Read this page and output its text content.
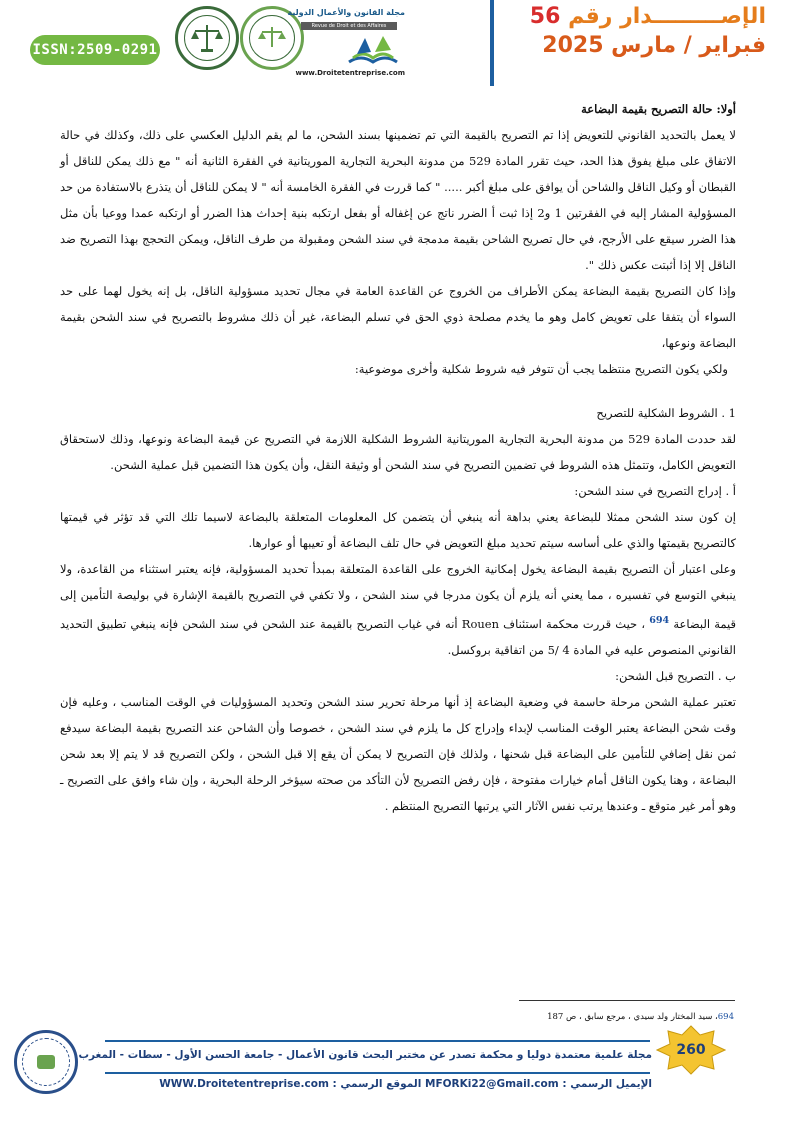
ISSN:2509-0291
مجلة القانون والأعمال الدولية
Revue de Droit et des Affaires
www.Droitetentreprise.com
الإصـــــــــدار رقم 56
فبراير / مارس 2025

أولا: حالة التصريح بقيمة البضاعة

لا يعمل بالتحديد القانوني للتعويض إذا تم التصريح بالقيمة التي تم تضمينها بسند الشحن، ما لم يقم الدليل العكسي على ذلك، وكذلك في حالة الاتفاق على مبلغ يفوق هذا الحد، حيث تقرر المادة 529 من مدونة البحرية التجارية الموريتانية في الفقرة الثانية أنه " مع ذلك يمكن للناقل أو القبطان أو وكيل الناقل والشاحن أن يوافق على مبلغ أكبر ..... " كما قررت في الفقرة الخامسة أنه " لا يمكن للناقل أن يتذرع بالاستفادة من حد المسؤولية المشار إليه في الفقرتين 1 و2 إذا ثبت أ الضرر ناتج عن إغفاله أو بفعل ارتكبه بنية إحداث هذا الضرر أو ارتكبه عمدا ووعيا بأن مثل هذا الضرر سيقع على الأرجح، في حال تصريح الشاحن بقيمة مدمجة في سند الشحن ومقبولة من طرف الناقل، ويمكن التحجج بهذا التصريح ضد الناقل إلا إذا أثبتت عكس ذلك ".

وإذا كان التصريح بقيمة البضاعة يمكن الأطراف من الخروج عن القاعدة العامة في مجال تحديد مسؤولية الناقل، بل إنه يخول لهما على حد السواء أن يتفقا على تعويض كامل وهو ما يخدم مصلحة ذوي الحق في تسلم البضاعة، غير أن ذلك مشروط بالتصريح في سند الشحن بقيمة البضاعة ونوعها،

ولكي يكون التصريح منتظما يجب أن تتوفر فيه شروط شكلية وأخرى موضوعية:

1 . الشروط الشكلية للتصريح

لقد حددت المادة 529 من مدونة البحرية التجارية الموريتانية الشروط الشكلية اللازمة في التصريح عن قيمة البضاعة ونوعها، وذلك لاستحقاق التعويض الكامل، وتتمثل هذه الشروط في تضمين التصريح في سند الشحن أو وثيقة النقل، وأن يكون هذا التضمين قبل عملية الشحن.

أ . إدراج التصريح في سند الشحن:

إن كون سند الشحن ممثلا للبضاعة يعني بداهة أنه ينبغي أن يتضمن كل المعلومات المتعلقة بالبضاعة لاسيما تلك التي قد تؤثر في قيمتها كالتصريح بقيمتها والذي على أساسه سيتم تحديد مبلغ التعويض في حال تلف البضاعة أو تعيبها أو عوارها.

وعلى اعتبار أن التصريح بقيمة البضاعة يخول إمكانية الخروج على القاعدة المتعلقة بمبدأ تحديد المسؤولية، فإنه يعتبر استثناء من القاعدة، ولا ينبغي التوسع في تفسيره ، مما يعني أنه يلزم أن يكون مدرجا في سند الشحن ، ولا تكفي في التصريح بالقيمة الإشارة في بوليصة التأمين إلى قيمة البضاعة $^{694}$ ، حيث قررت محكمة استئناف Rouen أنه في غياب التصريح بالقيمة عند الشحن في سند الشحن فإنه ينبغي تطبيق التحديد القانوني المنصوص عليه في المادة 4 /5 من اتفاقية بروكسل.

ب . التصريح قبل الشحن:

تعتبر عملية الشحن مرحلة حاسمة في وضعية البضاعة إذ أنها مرحلة تحرير سند الشحن وتحديد المسؤوليات في الوقت المناسب ، وعليه فإن وقت شحن البضاعة يعتبر الوقت المناسب لإبداء وإدراج كل ما يلزم في سند الشحن ، خصوصا وأن الشاحن عند التصريح بقيمة البضاعة سيدفع ثمن نقل إضافي للتأمين على البضاعة قبل شحنها ، ولذلك فإن التصريح لا يمكن أن يقع إلا قبل الشحن ، ولكن التصريح قد لا يتم إلا بعد شحن البضاعة ، وهنا يكون الناقل أمام خيارات مفتوحة ، فإن رفض التصريح لأن التأكد من صحته سيؤخر الرحلة البحرية ، وإن شاء وافق على التصريح ـ وهو أمر غير متوقع ـ وعندها يرتب نفس الآثار التي يرتبها التصريح المنتظم .

694، سيد المختار ولد سيدي ، مرجع سابق ، ص 187
مجلة علمية معتمدة دوليا و محكمة تصدر عن مختبر البحث قانون الأعمال - جامعة الحسن الأول - سطات - المغرب
الإيميل الرسمي : MFORKi22@Gmail.com الموقع الرسمي : WWW.Droitetentreprise.com
260
